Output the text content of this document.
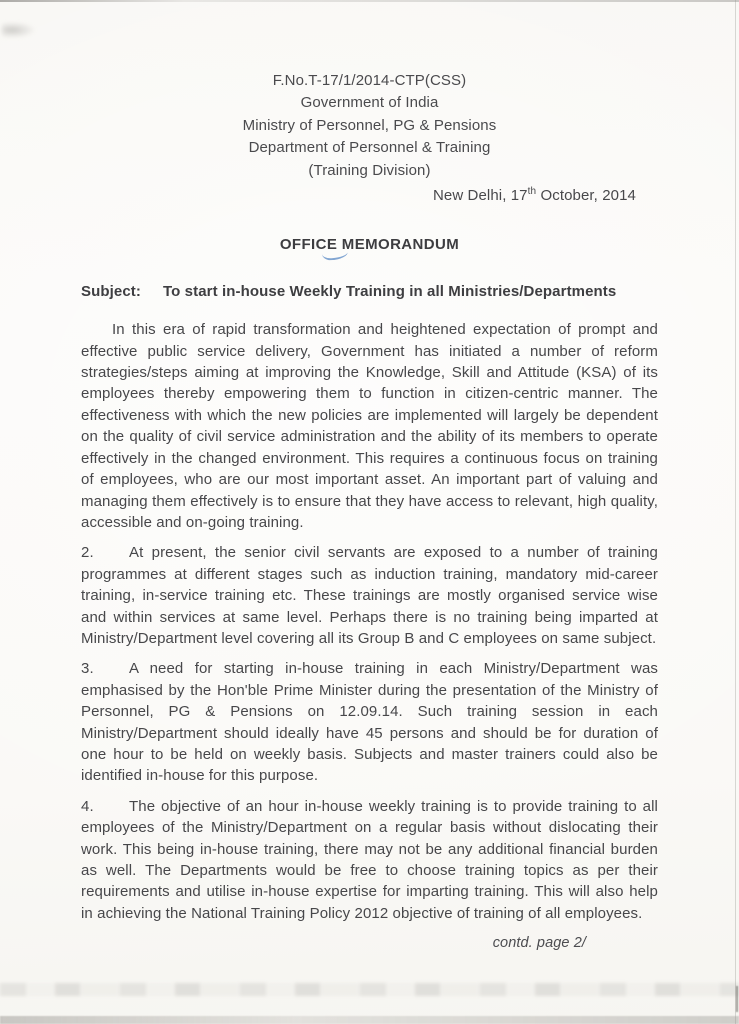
F.No.T-17/1/2014-CTP(CSS)
Government of India
Ministry of Personnel, PG & Pensions
Department of Personnel & Training
(Training Division)
New Delhi, 17th October, 2014
OFFICE MEMORANDUM
Subject:	To start in-house Weekly Training in all Ministries/Departments

In this era of rapid transformation and heightened expectation of prompt and effective public service delivery, Government has initiated a number of reform strategies/steps aiming at improving the Knowledge, Skill and Attitude (KSA) of its employees thereby empowering them to function in citizen-centric manner. The effectiveness with which the new policies are implemented will largely be dependent on the quality of civil service administration and the ability of its members to operate effectively in the changed environment. This requires a continuous focus on training of employees, who are our most important asset. An important part of valuing and managing them effectively is to ensure that they have access to relevant, high quality, accessible and on-going training.

2. At present, the senior civil servants are exposed to a number of training programmes at different stages such as induction training, mandatory mid-career training, in-service training etc. These trainings are mostly organised service wise and within services at same level. Perhaps there is no training being imparted at Ministry/Department level covering all its Group B and C employees on same subject.

3. A need for starting in-house training in each Ministry/Department was emphasised by the Hon'ble Prime Minister during the presentation of the Ministry of Personnel, PG & Pensions on 12.09.14. Such training session in each Ministry/Department should ideally have 45 persons and should be for duration of one hour to be held on weekly basis. Subjects and master trainers could also be identified in-house for this purpose.

4. The objective of an hour in-house weekly training is to provide training to all employees of the Ministry/Department on a regular basis without dislocating their work. This being in-house training, there may not be any additional financial burden as well. The Departments would be free to choose training topics as per their requirements and utilise in-house expertise for imparting training. This will also help in achieving the National Training Policy 2012 objective of training of all employees.

contd. page 2/
